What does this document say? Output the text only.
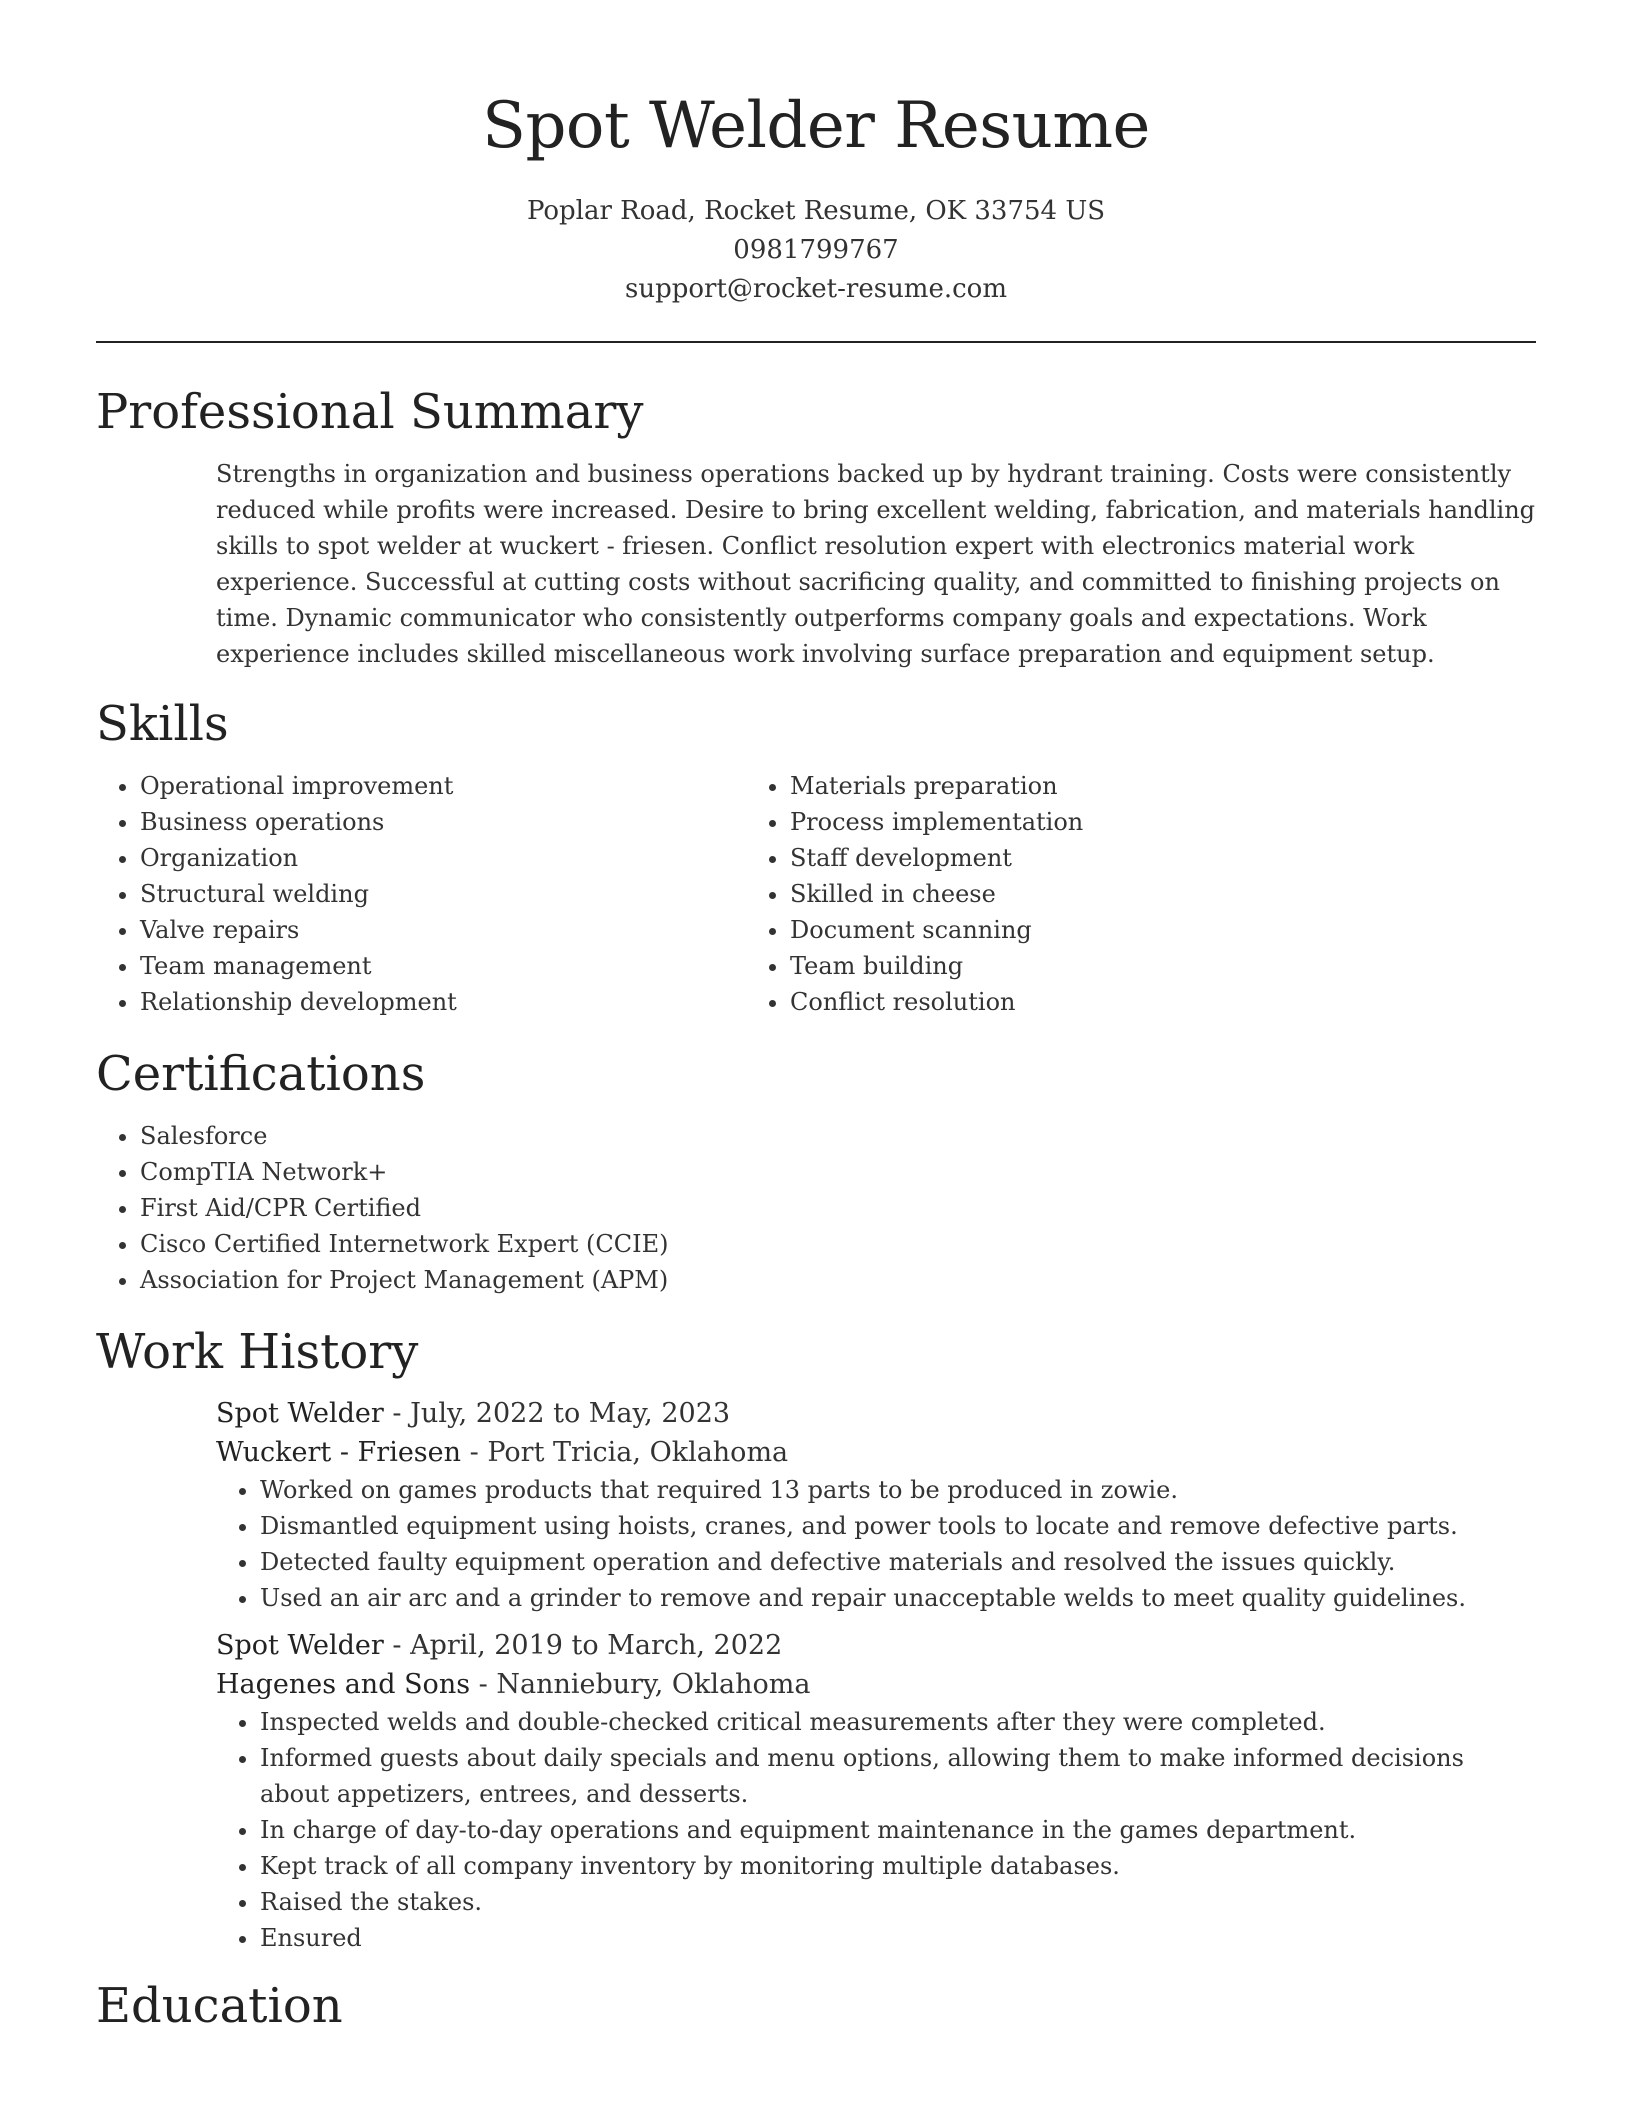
Spot Welder Resume
Poplar Road, Rocket Resume, OK 33754 US
0981799767
support@rocket-resume.com
Professional Summary

Strengths in organization and business operations backed up by hydrant training. Costs were consistently reduced while profits were increased. Desire to bring excellent welding, fabrication, and materials handling skills to spot welder at wuckert - friesen. Conflict resolution expert with electronics material work experience. Successful at cutting costs without sacrificing quality, and committed to finishing projects on time. Dynamic communicator who consistently outperforms company goals and expectations. Work experience includes skilled miscellaneous work involving surface preparation and equipment setup.

Skills
• Operational improvement
• Business operations
• Organization
• Structural welding
• Valve repairs
• Team management
• Relationship development
• Materials preparation
• Process implementation
• Staff development
• Skilled in cheese
• Document scanning
• Team building
• Conflict resolution
Certifications
• Salesforce
• CompTIA Network+
• First Aid/CPR Certified
• Cisco Certified Internetwork Expert (CCIE)
• Association for Project Management (APM)
Work History
Spot Welder - July, 2022 to May, 2023
Wuckert - Friesen - Port Tricia, Oklahoma
• Worked on games products that required 13 parts to be produced in zowie.
• Dismantled equipment using hoists, cranes, and power tools to locate and remove defective parts.
• Detected faulty equipment operation and defective materials and resolved the issues quickly.
• Used an air arc and a grinder to remove and repair unacceptable welds to meet quality guidelines.
Spot Welder - April, 2019 to March, 2022
Hagenes and Sons - Nanniebury, Oklahoma
• Inspected welds and double-checked critical measurements after they were completed.
• Informed guests about daily specials and menu options, allowing them to make informed decisions about appetizers, entrees, and desserts.
• In charge of day-to-day operations and equipment maintenance in the games department.
• Kept track of all company inventory by monitoring multiple databases.
• Raised the stakes.
• Ensured
Education
